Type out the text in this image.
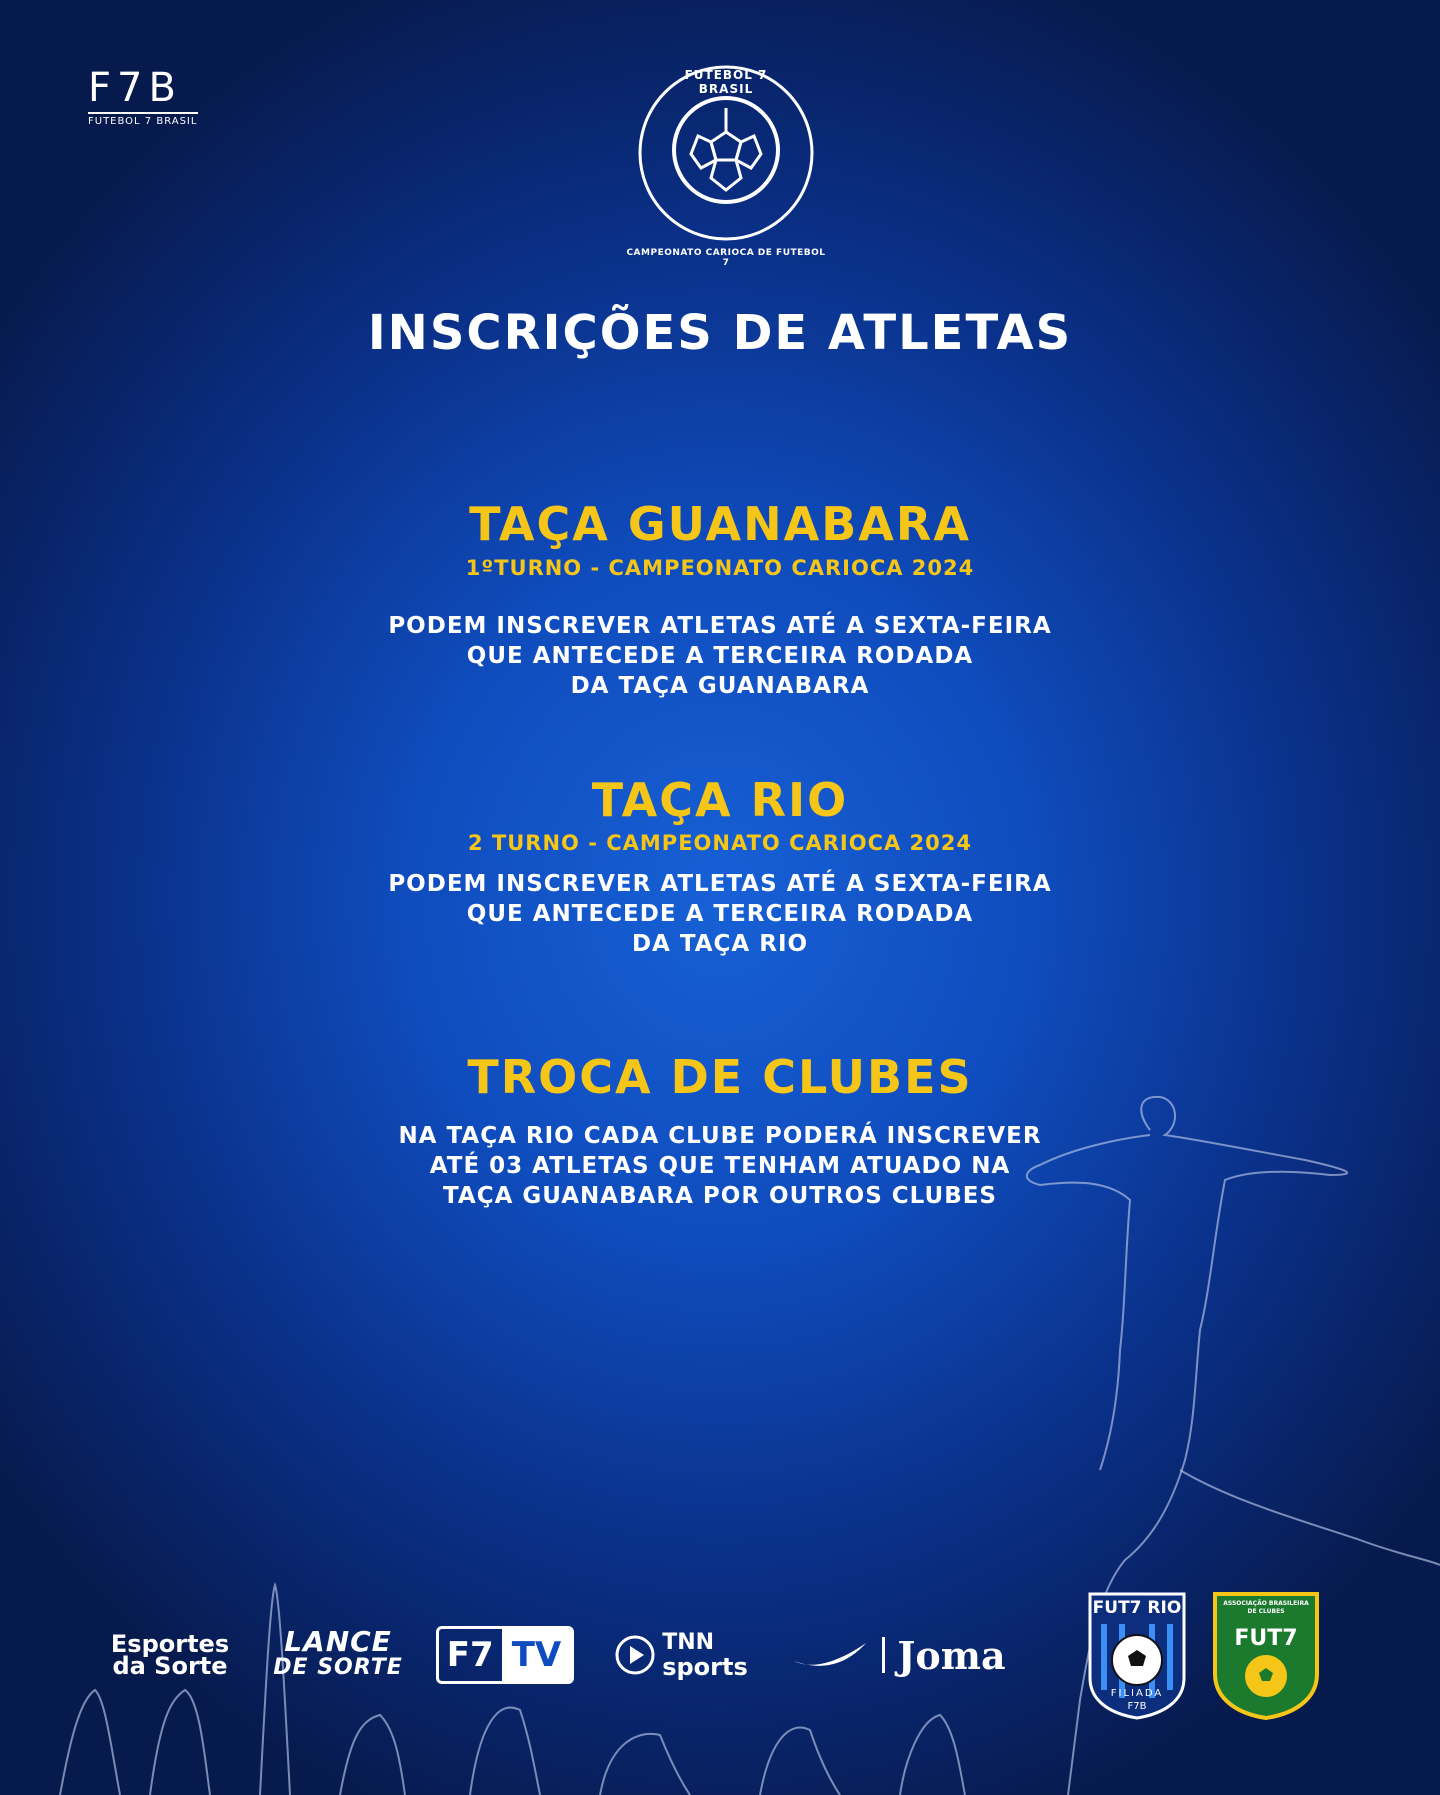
F7B
FUTEBOL 7 BRASIL
FUTEBOL 7 BRASIL
CAMPEONATO CARIOCA DE FUTEBOL 7
INSCRIÇÕES DE ATLETAS
TAÇA GUANABARA
1ºTURNO - CAMPEONATO CARIOCA 2024
PODEM INSCREVER ATLETAS ATÉ A SEXTA-FEIRA
QUE ANTECEDE A TERCEIRA RODADA
DA TAÇA GUANABARA
TAÇA RIO
2 TURNO - CAMPEONATO CARIOCA 2024
PODEM INSCREVER ATLETAS ATÉ A SEXTA-FEIRA
QUE ANTECEDE A TERCEIRA RODADA
DA TAÇA RIO
TROCA DE CLUBES
NA TAÇA RIO CADA CLUBE PODERÁ INSCREVER
ATÉ 03 ATLETAS QUE TENHAM ATUADO NA
TAÇA GUANABARA POR OUTROS CLUBES
Esportes
da Sorte
LANCE
DE SORTE F7 TV	TNN
sports	Joma
FUT7 RIO
FILIADA
F7B
ASSOCIAÇÃO BRASILEIRA DE CLUBES
FUT7
